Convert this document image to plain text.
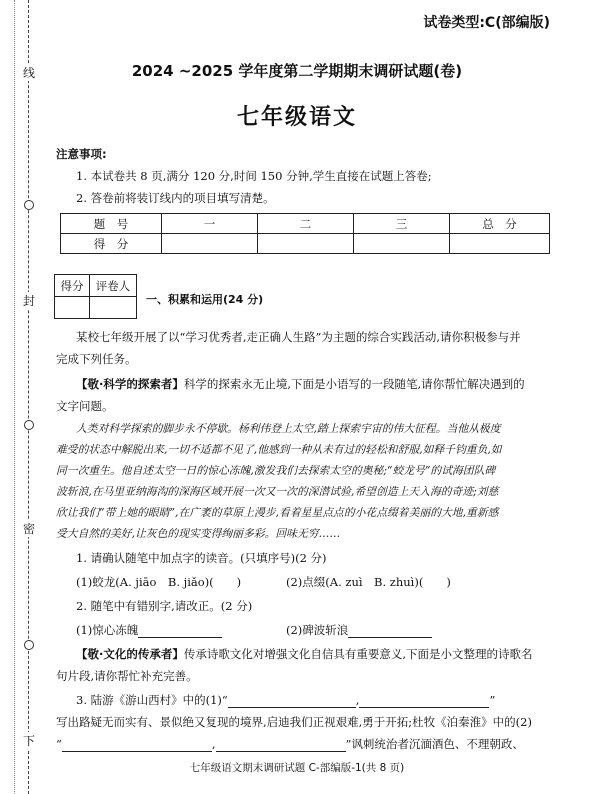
线
封
密
下
试卷类型:C(部编版)
2024 ~2025 学年度第二学期期末调研试题(卷)
七年级语文
注意事项:
1. 本试卷共 8 页,满分 120 分,时间 150 分钟,学生直接在试题上答卷;
2. 答卷前将装订线内的项目填写清楚。
题　号	一	二	三	总　分
得　分				
得分	评卷人

一、积累和运用(24 分)
某校七年级开展了以“学习优秀者,走正确人生路”为主题的综合实践活动,请你积极参与并
完成下列任务。
【敬·科学的探索者】科学的探索永无止境,下面是小语写的一段随笔,请你帮忙解决遇到的
文字问题。
人类对科学探索的脚步永不停歇。杨利伟登上太空,踏上探索宇宙的伟大征程。当他从极度
难受的状态中解脱出来,一切不适都不见了,他感到一种从未有过的轻松和舒服,如释千钧重负,如
同一次重生。他自述太空一日的惊心冻魄,激发我们去探索太空的奥秘;“蛟龙号”的试海团队碑
波斩浪,在马里亚纳海沟的深海区域开展一次又一次的深潜试验,希望创造上天入海的奇迹;刘慈
欣让我们“带上她的眼睛”,在广袤的草原上漫步,看着星星点点的小花点缀着美丽的大地,重新感
受大自然的美好,让灰色的现实变得绚丽多彩。回味无穷……
1. 请确认随笔中加点字的读音。(只填序号)(2 分)
(1)蛟龙(A. jiāo　B. jiǎo)(　　)	(2)点缀(A. zuì　B. zhuì)(　　)
2. 随笔中有错别字,请改正。(2 分)
(1)惊心冻魄	(2)碑波斩浪
【敬·文化的传承者】传承诗歌文化对增强文化自信具有重要意义,下面是小文整理的诗歌名
句片段,请你帮忙补充完善。
3. 陆游《游山西村》中的(1)“	,	”
写出路疑无而实有、景似绝又复现的境界,启迪我们正视艰难,勇于开拓;杜牧《泊秦淮》中的(2)
“	,	”讽刺统治者沉湎酒色、不理朝政、
七年级语文期末调研试题 C-部编版-1(共 8 页)
